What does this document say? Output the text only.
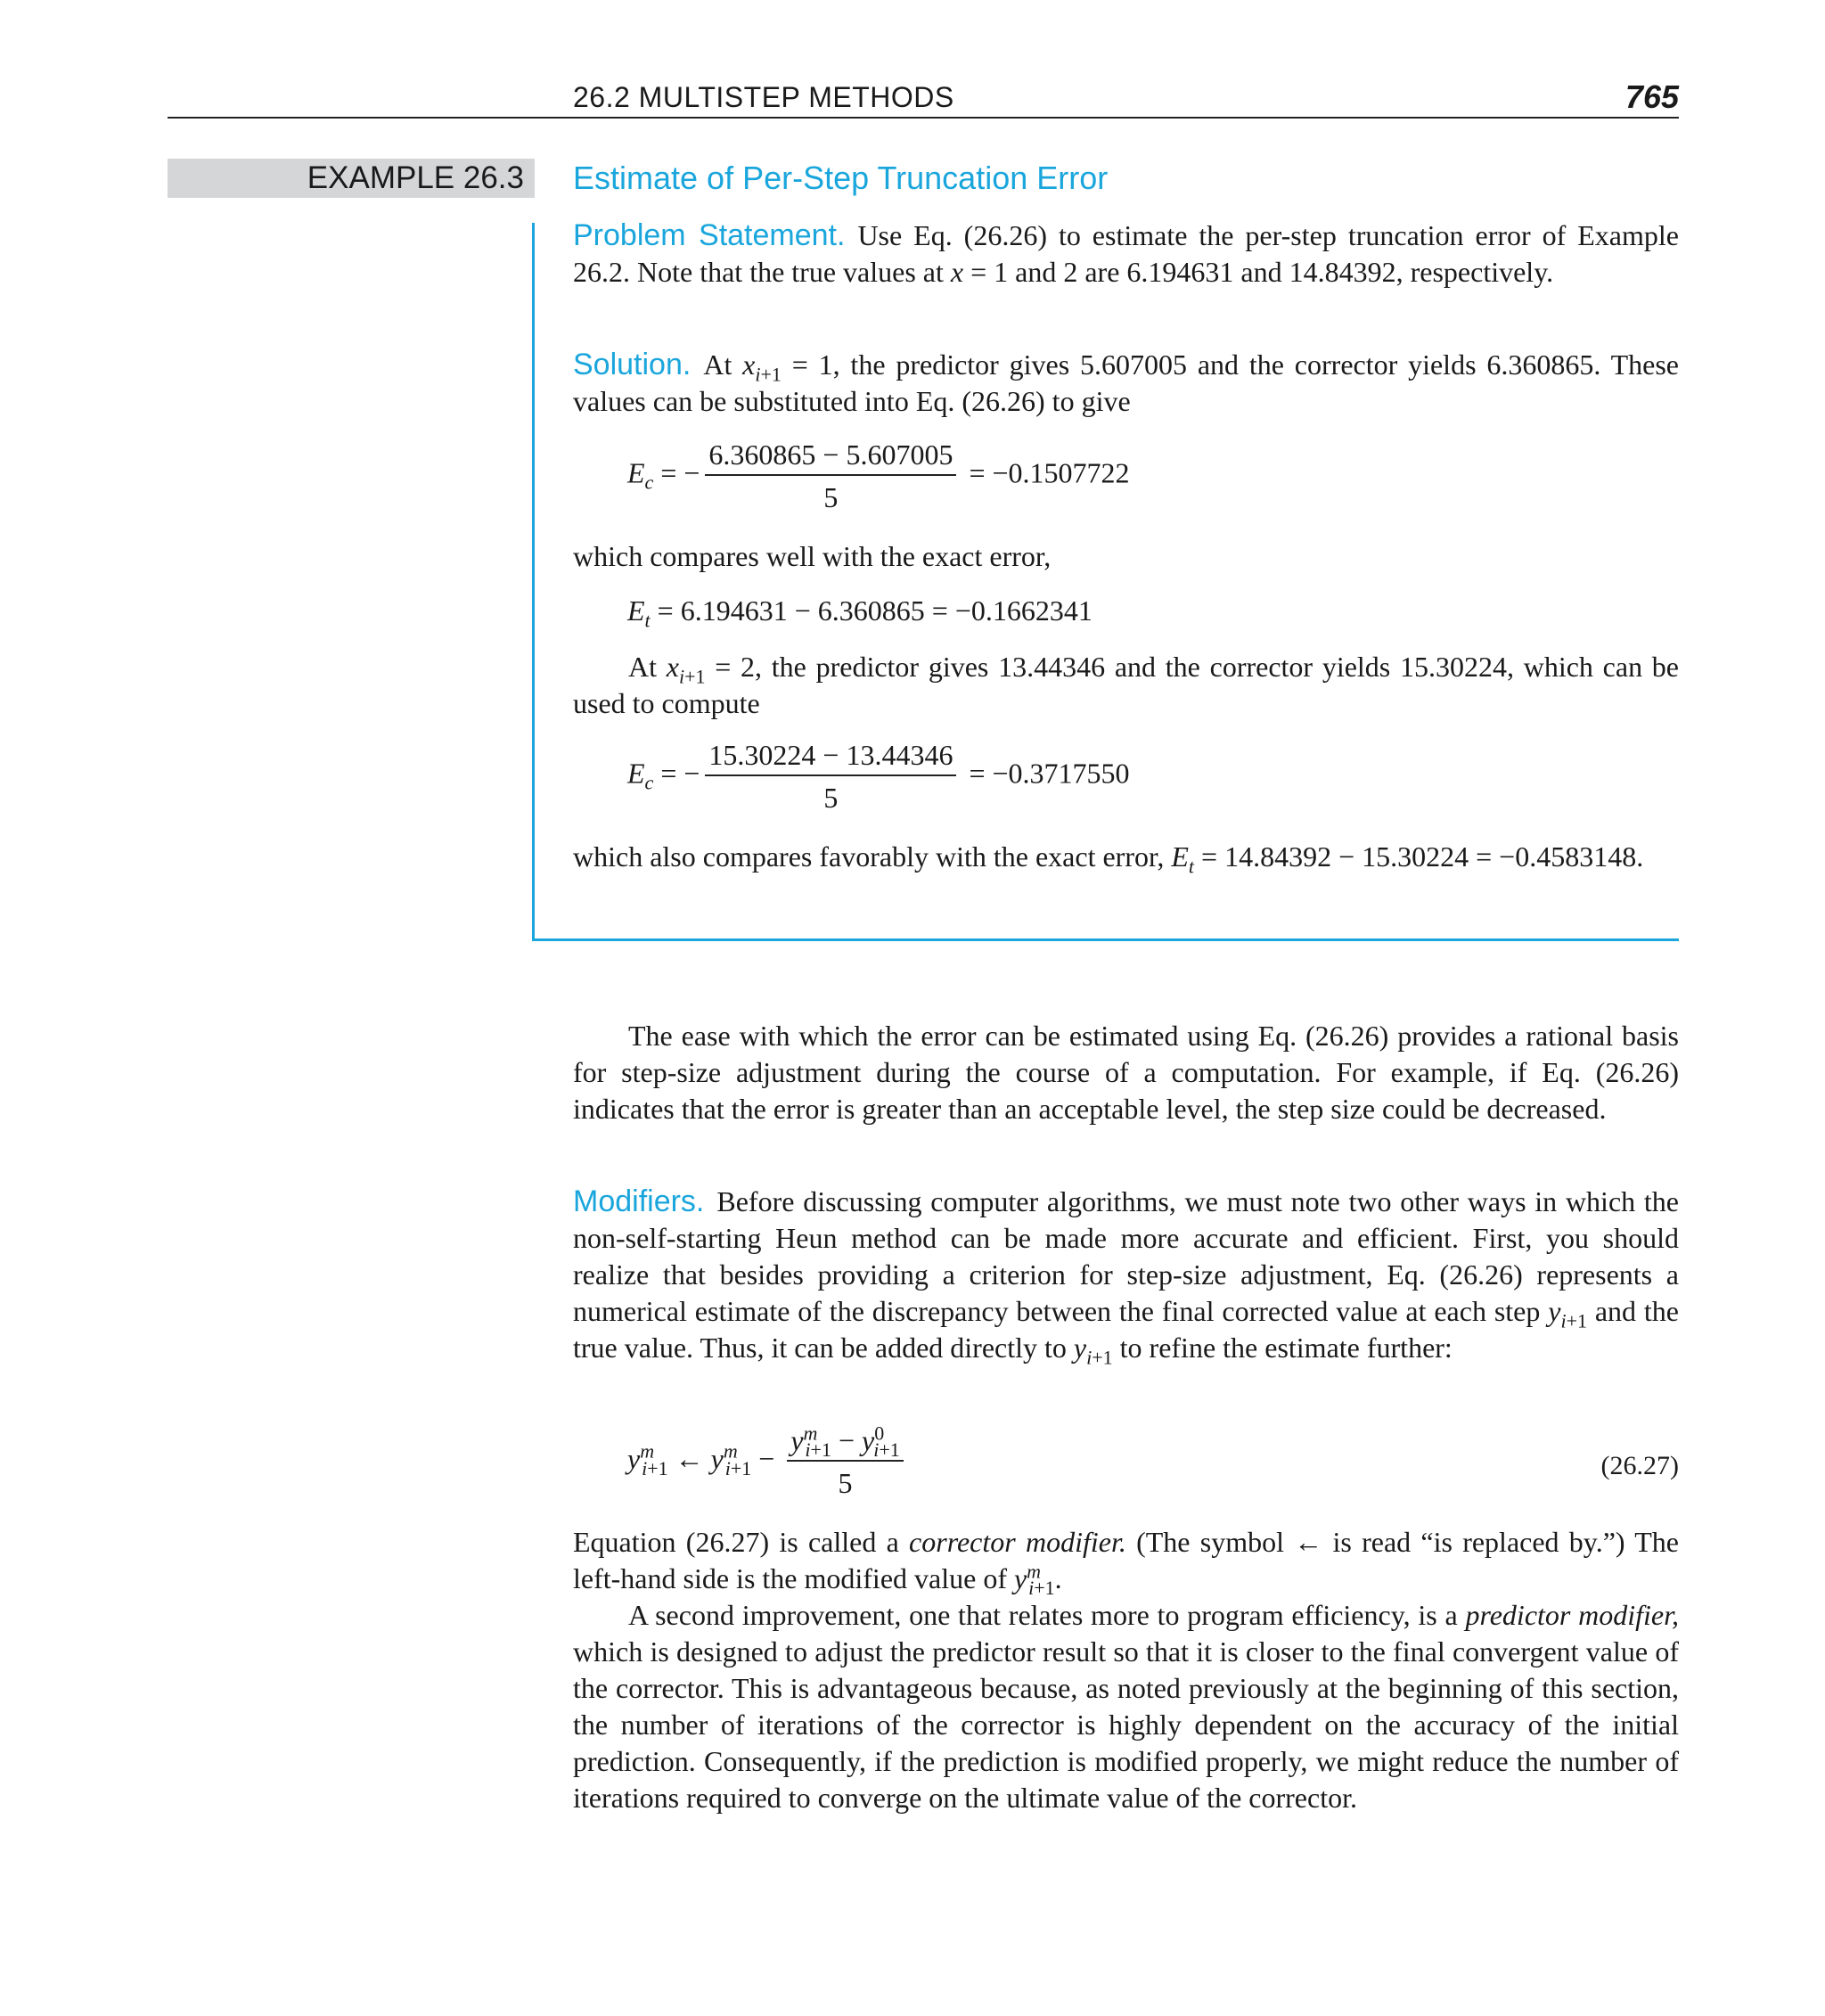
26.2 MULTISTEP METHODS	765
EXAMPLE 26.3	Estimate of Per-Step Truncation Error
Problem Statement. Use Eq. (26.26) to estimate the per-step truncation error of Example 26.2. Note that the true values at x = 1 and 2 are 6.194631 and 14.84392, respectively.
Solution. At $x_{i+1} = 1$, the predictor gives 5.607005 and the corrector yields 6.360865. These values can be substituted into Eq. (26.26) to give
$E_c$ = − $\frac{6.360865 - 5.607005}{5} = -0.1507722$
which compares well with the exact error,
$E_t = 6.194631 - 6.360865 = -0.1662341$
At $x_{i+1} = 2$, the predictor gives 13.44346 and the corrector yields 15.30224, which can be used to compute
$E_c$ = − $\frac{15.30224 - 13.44346}{5} = -0.3717550$
which also compares favorably with the exact error, $E_t = 14.84392 - 15.30224 = -0.4583148$.
The ease with which the error can be estimated using Eq. (26.26) provides a rational basis for step-size adjustment during the course of a computation. For example, if Eq. (26.26) indicates that the error is greater than an acceptable level, the step size could be decreased.
Modifiers. Before discussing computer algorithms, we must note two other ways in which the non-self-starting Heun method can be made more accurate and efficient. First, you should realize that besides providing a criterion for step-size adjustment, Eq. (26.26) represents a numerical estimate of the discrepancy between the final corrected value at each step $y_{i+1}$ and the true value. Thus, it can be added directly to $y_{i+1}$ to refine the estimate further:
$y^m_{i+1}$ ← $y^m_{i+1} - \frac{y^m_{i+1} - y^0_{i+1}}{5}$	(26.27)
Equation (26.27) is called a corrector modifier. (The symbol ← is read “is replaced by.”) The left-hand side is the modified value of $y^m_{i+1}$.
A second improvement, one that relates more to program efficiency, is a predictor modifier, which is designed to adjust the predictor result so that it is closer to the final convergent value of the corrector. This is advantageous because, as noted previously at the beginning of this section, the number of iterations of the corrector is highly dependent on the accuracy of the initial prediction. Consequently, if the prediction is modified properly, we might reduce the number of iterations required to converge on the ultimate value of the corrector.
